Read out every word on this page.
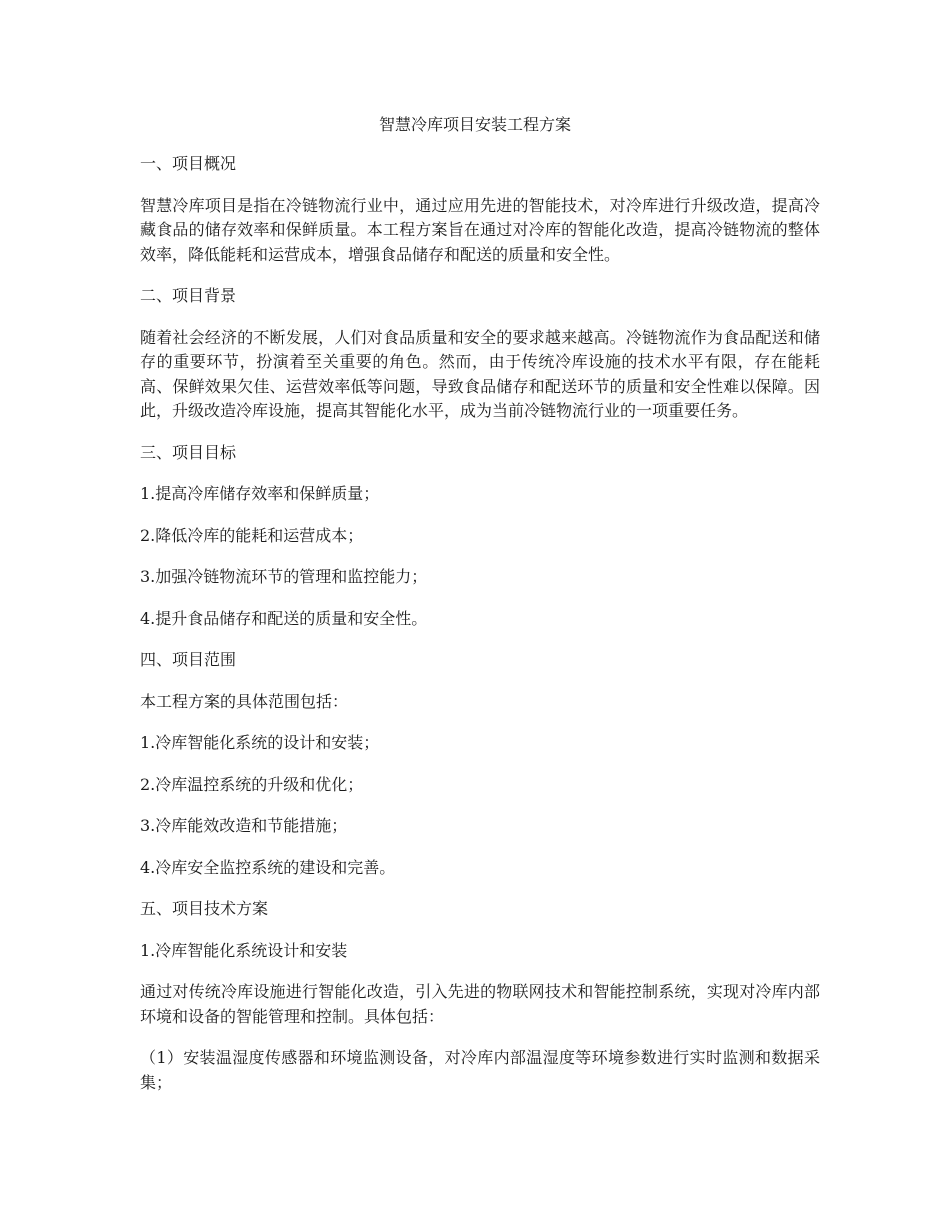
智慧冷库项目安装工程方案

一、项目概况

智慧冷库项目是指在冷链物流行业中，通过应用先进的智能技术，对冷库进行升级改造，提高冷藏食品的储存效率和保鲜质量。本工程方案旨在通过对冷库的智能化改造，提高冷链物流的整体效率，降低能耗和运营成本，增强食品储存和配送的质量和安全性。

二、项目背景

随着社会经济的不断发展，人们对食品质量和安全的要求越来越高。冷链物流作为食品配送和储存的重要环节，扮演着至关重要的角色。然而，由于传统冷库设施的技术水平有限，存在能耗高、保鲜效果欠佳、运营效率低等问题，导致食品储存和配送环节的质量和安全性难以保障。因此，升级改造冷库设施，提高其智能化水平，成为当前冷链物流行业的一项重要任务。

三、项目目标

1.提高冷库储存效率和保鲜质量；

2.降低冷库的能耗和运营成本；

3.加强冷链物流环节的管理和监控能力；

4.提升食品储存和配送的质量和安全性。

四、项目范围

本工程方案的具体范围包括：

1.冷库智能化系统的设计和安装；

2.冷库温控系统的升级和优化；

3.冷库能效改造和节能措施；

4.冷库安全监控系统的建设和完善。

五、项目技术方案

1.冷库智能化系统设计和安装

通过对传统冷库设施进行智能化改造，引入先进的物联网技术和智能控制系统，实现对冷库内部环境和设备的智能管理和控制。具体包括：

（1）安装温湿度传感器和环境监测设备，对冷库内部温湿度等环境参数进行实时监测和数据采集；
